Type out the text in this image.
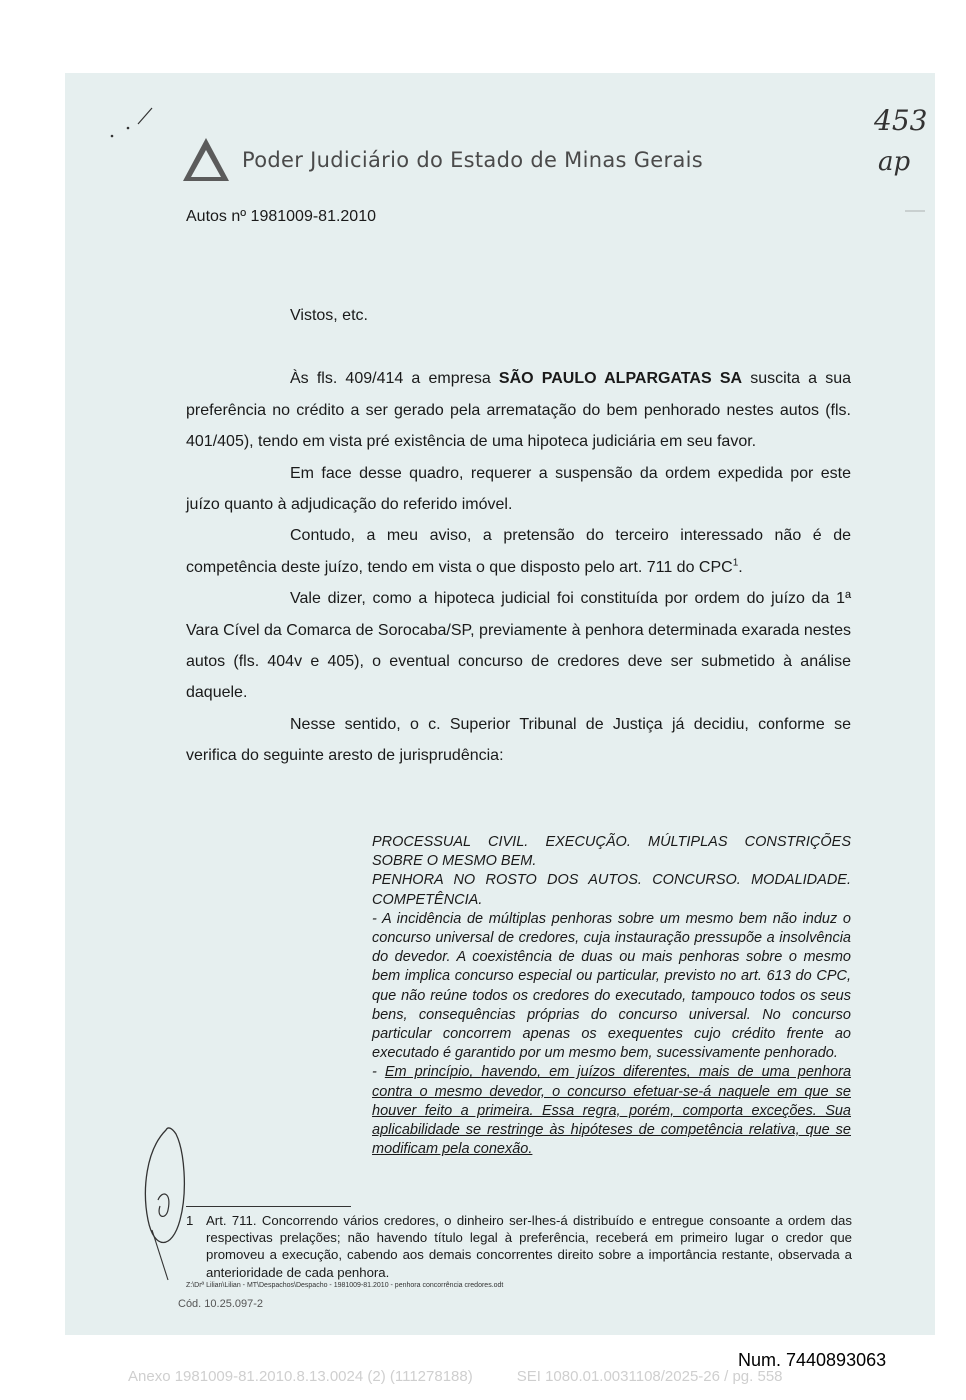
Poder Judiciário do Estado de Minas Gerais
453
ap
Autos nº 1981009-81.2010

Vistos, etc.

Às fls. 409/414 a empresa SÃO PAULO ALPARGATAS SA suscita a sua preferência no crédito a ser gerado pela arrematação do bem penhorado nestes autos (fls. 401/405), tendo em vista pré existência de uma hipoteca judiciária em seu favor.

Em face desse quadro, requerer a suspensão da ordem expedida por este juízo quanto à adjudicação do referido imóvel.

Contudo, a meu aviso, a pretensão do terceiro interessado não é de competência deste juízo, tendo em vista o que disposto pelo art. 711 do CPC$^1$.

Vale dizer, como a hipoteca judicial foi constituída por ordem do juízo da 1ª Vara Cível da Comarca de Sorocaba/SP, previamente à penhora determinada exarada nestes autos (fls. 404v e 405), o eventual concurso de credores deve ser submetido à análise daquele.

Nesse sentido, o c. Superior Tribunal de Justiça já decidiu, conforme se verifica do seguinte aresto de jurisprudência:

PROCESSUAL CIVIL. EXECUÇÃO. MÚLTIPLAS CONSTRIÇÕES SOBRE O MESMO BEM.

PENHORA NO ROSTO DOS AUTOS. CONCURSO. MODALIDADE. COMPETÊNCIA.

- A incidência de múltiplas penhoras sobre um mesmo bem não induz o concurso universal de credores, cuja instauração pressupõe a insolvência do devedor. A coexistência de duas ou mais penhoras sobre o mesmo bem implica concurso especial ou particular, previsto no art. 613 do CPC, que não reúne todos os credores do executado, tampouco todos os seus bens, consequências próprias do concurso universal. No concurso particular concorrem apenas os exequentes cujo crédito frente ao executado é garantido por um mesmo bem, sucessivamente penhorado.

- Em princípio, havendo, em juízos diferentes, mais de uma penhora contra o mesmo devedor, o concurso efetuar-se-á naquele em que se houver feito a primeira. Essa regra, porém, comporta exceções. Sua aplicabilidade se restringe às hipóteses de competência relativa, que se modificam pela conexão.

1 Art. 711. Concorrendo vários credores, o dinheiro ser-lhes-á distribuído e entregue consoante a ordem das respectivas prelações; não havendo título legal à preferência, receberá em primeiro lugar o credor que promoveu a execução, cabendo aos demais concorrentes direito sobre a importância restante, observada a anterioridade de cada penhora.
Z:\Drª Lilian\Lilian - MT\Despachos\Despacho - 1981009-81.2010 - penhora concorrência credores.odt
Cód. 10.25.097-2
Num. 7440893063
Anexo 1981009-81.2010.8.13.0024 (2) (111278188)	SEI 1080.01.0031108/2025-26 / pg. 558
